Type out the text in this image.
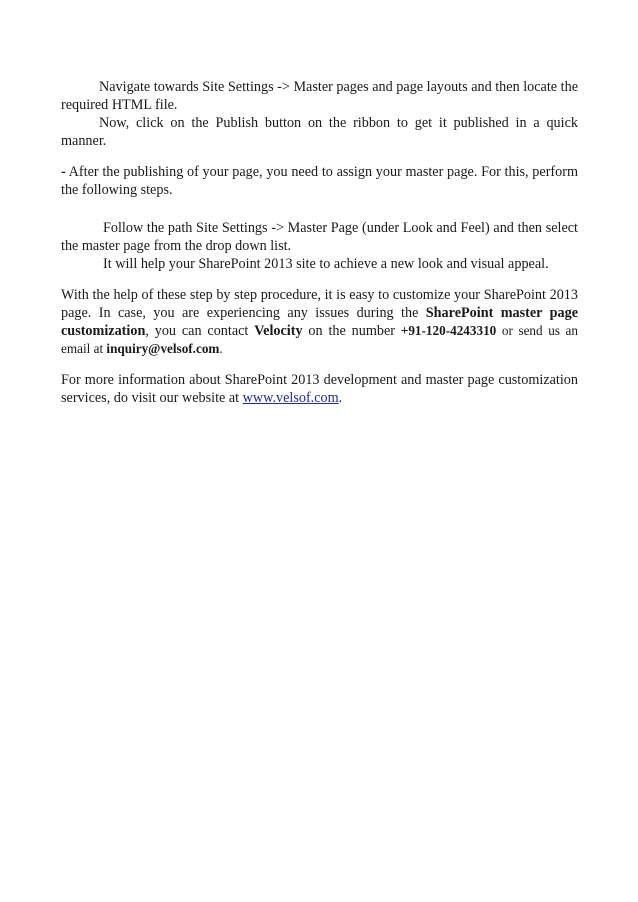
Navigate towards Site Settings -> Master pages and page layouts and then locate the required HTML file.

Now, click on the Publish button on the ribbon to get it published in a quick manner.

- After the publishing of your page, you need to assign your master page. For this, perform the following steps.

Follow the path Site Settings -> Master Page (under Look and Feel) and then select the master page from the drop down list.

It will help your SharePoint 2013 site to achieve a new look and visual appeal.

With the help of these step by step procedure, it is easy to customize your SharePoint 2013 page. In case, you are experiencing any issues during the SharePoint master page customization, you can contact Velocity on the number +91-120-4243310 or send us an email at inquiry@velsof.com.

For more information about SharePoint 2013 development and master page customization services, do visit our website at www.velsof.com.
